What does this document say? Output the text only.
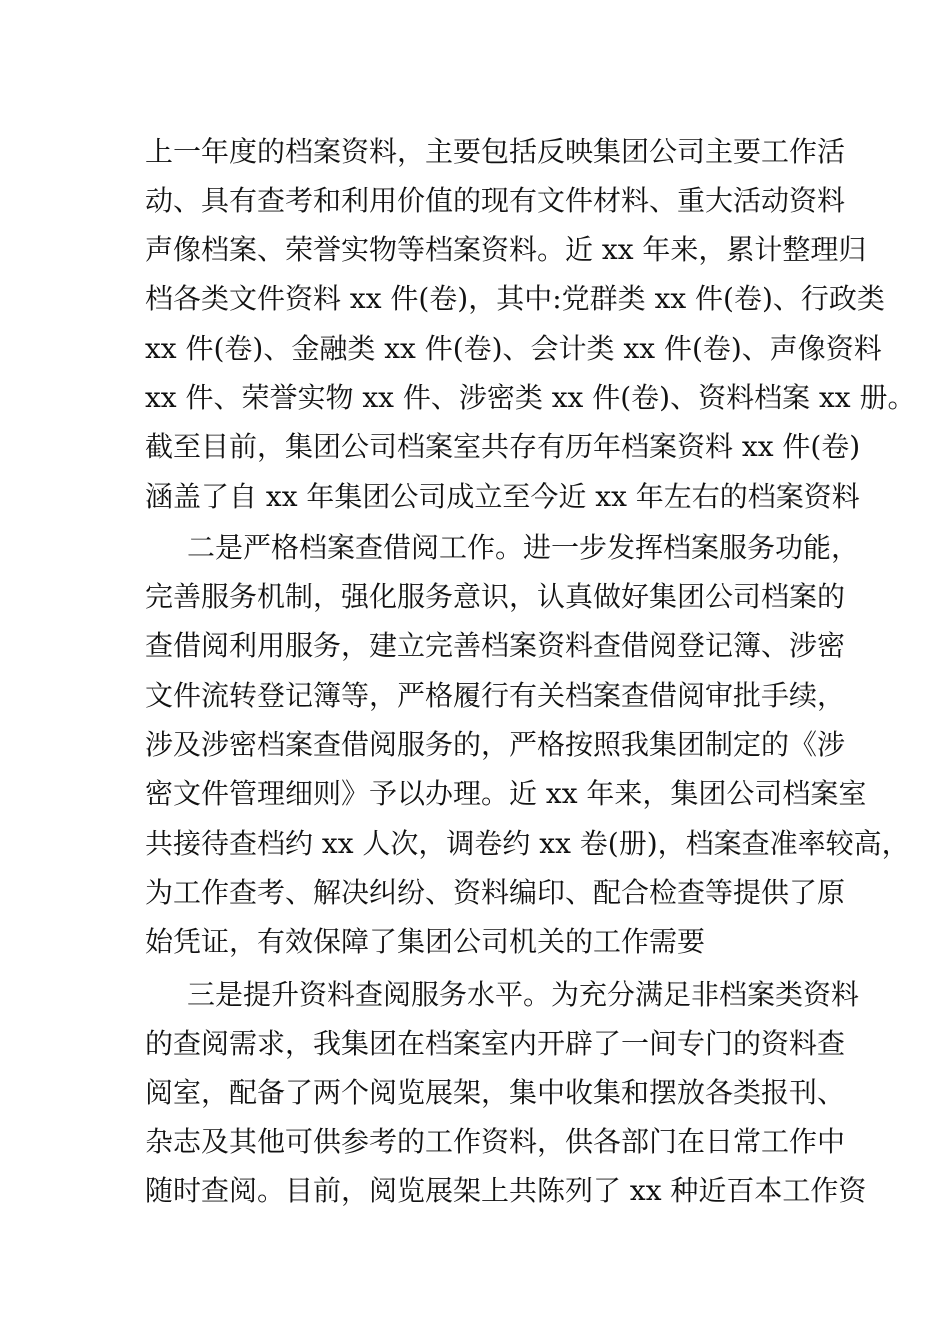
上一年度的档案资料，主要包括反映集团公司主要工作活
动、具有查考和利用价值的现有文件材料、重大活动资料
声像档案、荣誉实物等档案资料。近 xx 年来，累计整理归
档各类文件资料 xx 件(卷)，其中:党群类 xx 件(卷)、行政类
xx 件(卷)、金融类 xx 件(卷)、会计类 xx 件(卷)、声像资料
xx 件、荣誉实物 xx 件、涉密类 xx 件(卷)、资料档案 xx 册。
截至目前，集团公司档案室共存有历年档案资料 xx 件(卷)
涵盖了自 xx 年集团公司成立至今近 xx 年左右的档案资料
二是严格档案查借阅工作。进一步发挥档案服务功能，
完善服务机制，强化服务意识，认真做好集团公司档案的
查借阅利用服务，建立完善档案资料查借阅登记簿、涉密
文件流转登记簿等，严格履行有关档案查借阅审批手续，
涉及涉密档案查借阅服务的，严格按照我集团制定的《涉
密文件管理细则》予以办理。近 xx 年来，集团公司档案室
共接待查档约 xx 人次，调卷约 xx 卷(册)，档案查准率较高，
为工作查考、解决纠纷、资料编印、配合检查等提供了原
始凭证，有效保障了集团公司机关的工作需要
三是提升资料查阅服务水平。为充分满足非档案类资料
的查阅需求，我集团在档案室内开辟了一间专门的资料查
阅室，配备了两个阅览展架，集中收集和摆放各类报刊、
杂志及其他可供参考的工作资料，供各部门在日常工作中
随时查阅。目前，阅览展架上共陈列了 xx 种近百本工作资
